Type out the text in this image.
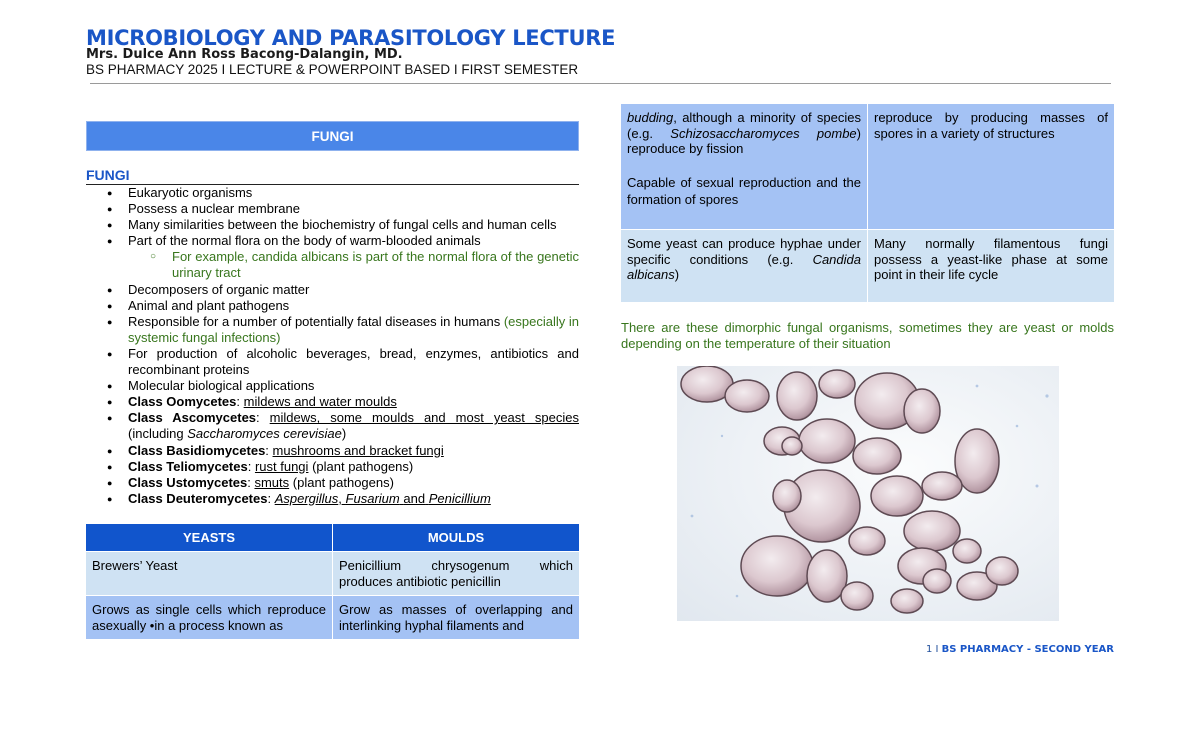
MICROBIOLOGY AND PARASITOLOGY LECTURE
Mrs. Dulce Ann Ross Bacong-Dalangin, MD.
BS PHARMACY 2025 I LECTURE & POWERPOINT BASED I FIRST SEMESTER
FUNGI
FUNGI
● Eukaryotic organisms
● Possess a nuclear membrane
● Many similarities between the biochemistry of fungal cells and human cells
● Part of the normal flora on the body of warm-blooded animals
○ For example, candida albicans is part of the normal flora of the genetic urinary tract
● Decomposers of organic matter
● Animal and plant pathogens
● Responsible for a number of potentially fatal diseases in humans (especially in systemic fungal infections)
● For production of alcoholic beverages, bread, enzymes, antibiotics and recombinant proteins
● Molecular biological applications
● Class Oomycetes: mildews and water moulds
● Class Ascomycetes: mildews, some moulds and most yeast species (including Saccharomyces cerevisiae)
● Class Basidiomycetes: mushrooms and bracket fungi
● Class Teliomycetes: rust fungi (plant pathogens)
● Class Ustomycetes: smuts (plant pathogens)
● Class Deuteromycetes: Aspergillus, Fusarium and Penicillium
YEASTS	MOULDS
Brewers’ Yeast	Penicillium chrysogenum which produces antibiotic penicillin
Grows as single cells which reproduce asexually •in a process known as	Grow as masses of overlapping and interlinking hyphal filaments and
budding, although a minority of species (e.g. Schizosaccharomyces pombe) reproduce by fission
Capable of sexual reproduction and the formation of spores	reproduce by producing masses of spores in a variety of structures
Some yeast can produce hyphae under specific conditions (e.g. Candida albicans)	Many normally filamentous fungi possess a yeast-like phase at some point in their life cycle
There are these dimorphic fungal organisms, sometimes they are yeast or molds depending on the temperature of their situation
1 I BS PHARMACY - SECOND YEAR
